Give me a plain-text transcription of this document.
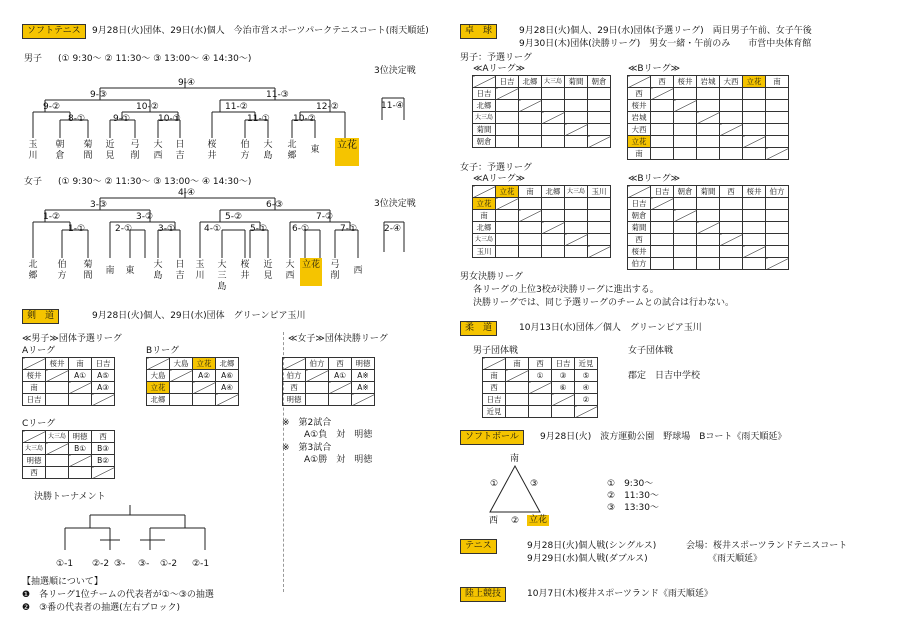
ソフトテニス	9月28日(火)団体、29日(水)個人　今治市営スポーツパークテニスコート(雨天順延)
男子 (① 9:30～ ② 11:30～ ③ 13:00～ ④ 14:30～)
3位決定戦
9-④
9-③	11-③
9-②
8-①
10-②
9-①	10-①
11-②
11-①
12-②
10-②
11-④
玉川
朝倉
菊間
近見
弓削
大西
日吉
桜井
伯方
大島
北郷
東 立花
女子 (① 9:30～ ② 11:30～ ③ 13:00～ ④ 14:30～)
3位決定戦
4-④
3-③	6-③
1-②	3-②	5-②	7-②
1-①	2-①	3-①	4-①	5-①	6-①	7-①	2-④
北郷
伯方
菊間 南 東
大島
日吉
玉川
大三島
桜井
近見
大西
立花 弓削 西
剣　道	9月28日(火)個人、29日(水)団体　グリーンピア玉川
≪男子≫団体予選リーグ
Aリーグ	Bリーグ
	桜井	南	日吉
桜井		A①	A⑤
南			A③
日吉			
	大島	立花	北郷
大島		A②	A⑥
立花			A④
北郷			
Cリーグ
	大三島	明徳	西
大三島		B①	B③
明徳			B②
西			
決勝トーナメント
①-1 ②-2 ③- ③- ①-2 ②-1
【抽選順について】
❶　各リーグ1位チームの代表者が①～③の抽選
❷　③番の代表者の抽選(左右ブロック)
≪女子≫団体決勝リーグ
	伯方	西	明徳
伯方		A①	A※
西			A※
明徳			
※　第2試合
A①負　対　明徳
※　第3試合
A①勝　対　明徳
卓　球	9月28日(火)個人、29日(水)団体(予選リーグ)　両日男子午前、女子午後
9月30日(木)団体(決勝リーグ)　男女一緒・午前のみ　　市営中央体育館
男子：予選リーグ
≪Aリーグ≫	≪Bリーグ≫
	日吉	北郷	大三島	菊間	朝倉
日吉					
北郷					
大三島					
菊間					
朝倉					
	西	桜井	岩城	大西	立花	南
西						
桜井						
岩城						
大西						
立花						
南						
女子：予選リーグ
≪Aリーグ≫	≪Bリーグ≫
	立花	南	北郷	大三島	玉川
立花					
南					
北郷					
大三島					
玉川					
	日吉	朝倉	菊間	西	桜井	伯方
日吉						
朝倉						
菊間						
西						
桜井						
伯方						
男女決勝リーグ
各リーグの上位3校が決勝リーグに進出する。
決勝リーグでは、同じ予選リーグのチームとの試合は行わない。
柔　道	10月13日(水)団体／個人　グリーンピア玉川
男子団体戦	女子団体戦
郡定　日吉中学校
	南	西	日吉	近見
南		①	③	⑤
西			⑥	④
日吉				②
近見				
ソフトボール	9月28日(火)　波方運動公園　野球場　Bコート《雨天順延》
南
西	立花
①	③
②
①　9:30～
②　11:30～
③　13:30～
テニス	9月28日(火)個人戦(シングルス)
9月29日(水)個人戦(ダブルス)
会場：桜井スポーツランドテニスコート
《雨天順延》
陸上競技	10月7日(木)桜井スポーツランド《雨天順延》
